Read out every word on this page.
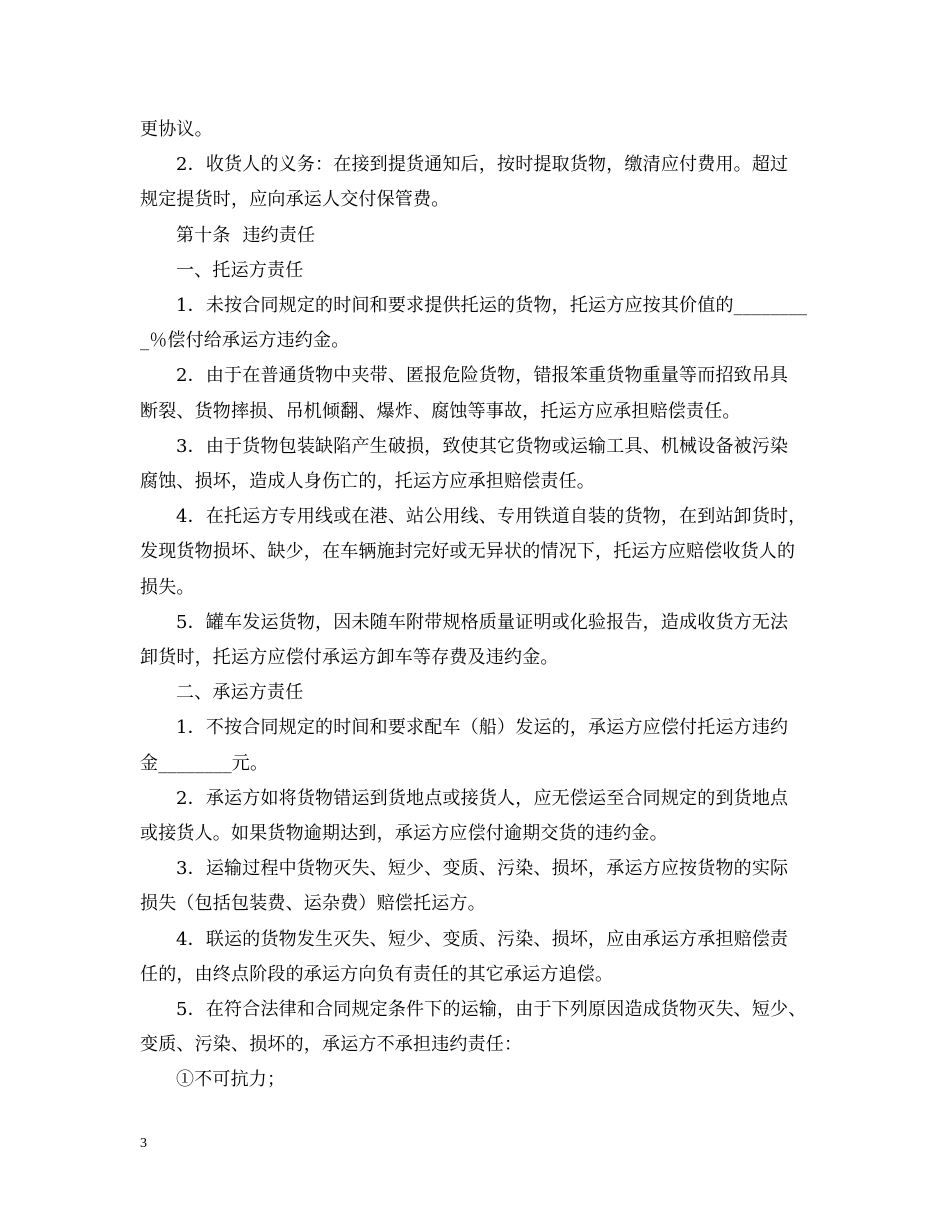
更协议。
2．收货人的义务：在接到提货通知后，按时提取货物，缴清应付费用。超过
规定提货时，应向承运人交付保管费。
第十条  违约责任
一、托运方责任
1．未按合同规定的时间和要求提供托运的货物，托运方应按其价值的________
_％偿付给承运方违约金。
2．由于在普通货物中夹带、匿报危险货物，错报笨重货物重量等而招致吊具
断裂、货物摔损、吊机倾翻、爆炸、腐蚀等事故，托运方应承担赔偿责任。
3．由于货物包装缺陷产生破损，致使其它货物或运输工具、机械设备被污染
腐蚀、损坏，造成人身伤亡的，托运方应承担赔偿责任。
4．在托运方专用线或在港、站公用线、专用铁道自装的货物，在到站卸货时，
发现货物损坏、缺少，在车辆施封完好或无异状的情况下，托运方应赔偿收货人的
损失。
5．罐车发运货物，因未随车附带规格质量证明或化验报告，造成收货方无法
卸货时，托运方应偿付承运方卸车等存费及违约金。
二、承运方责任
1．不按合同规定的时间和要求配车（船）发运的，承运方应偿付托运方违约
金________元。
2．承运方如将货物错运到货地点或接货人，应无偿运至合同规定的到货地点
或接货人。如果货物逾期达到，承运方应偿付逾期交货的违约金。
3．运输过程中货物灭失、短少、变质、污染、损坏，承运方应按货物的实际
损失（包括包装费、运杂费）赔偿托运方。
4．联运的货物发生灭失、短少、变质、污染、损坏，应由承运方承担赔偿责
任的，由终点阶段的承运方向负有责任的其它承运方追偿。
5．在符合法律和合同规定条件下的运输，由于下列原因造成货物灭失、短少、
变质、污染、损坏的，承运方不承担违约责任：
①不可抗力；
3
